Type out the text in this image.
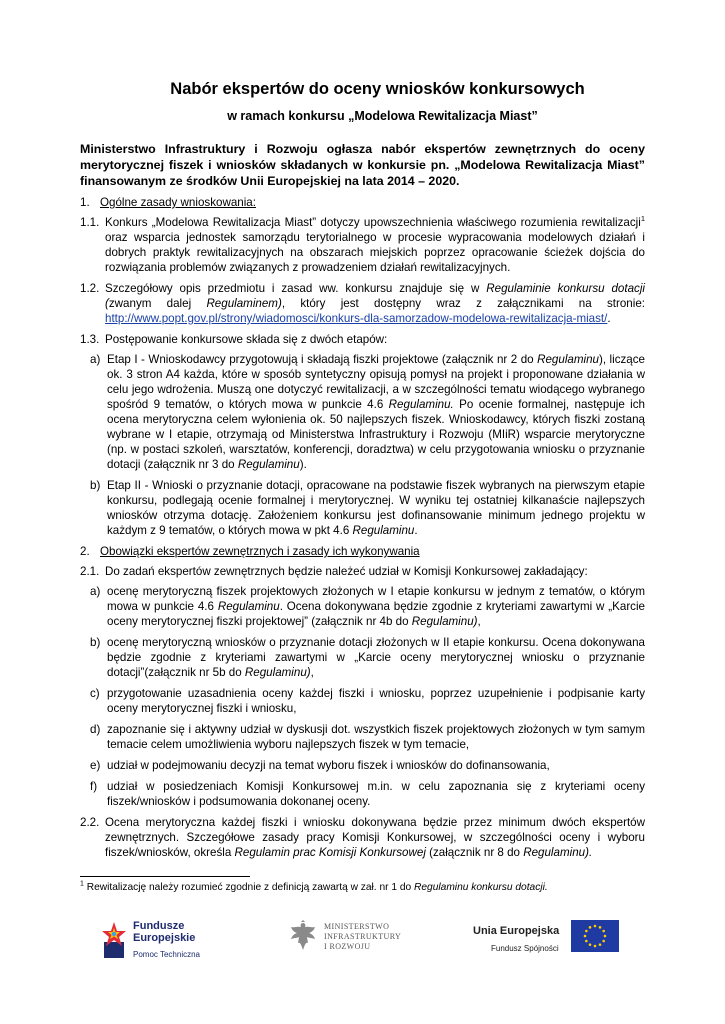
Nabór ekspertów do oceny wniosków konkursowych
w ramach konkursu „Modelowa Rewitalizacja Miast”
Ministerstwo Infrastruktury i Rozwoju ogłasza nabór ekspertów zewnętrznych do oceny merytorycznej fiszek i wniosków składanych w konkursie pn. „Modelowa Rewitalizacja Miast” finansowanym ze środków Unii Europejskiej na lata 2014 – 2020.
1. Ogólne zasady wnioskowania:
1.1. Konkurs „Modelowa Rewitalizacja Miast” dotyczy upowszechnienia właściwego rozumienia rewitalizacji$^1$ oraz wsparcia jednostek samorządu terytorialnego w procesie wypracowania modelowych działań i dobrych praktyk rewitalizacyjnych na obszarach miejskich poprzez opracowanie ścieżek dojścia do rozwiązania problemów związanych z prowadzeniem działań rewitalizacyjnych.
1.2. Szczegółowy opis przedmiotu i zasad ww. konkursu znajduje się w Regulaminie konkursu dotacji (zwanym dalej Regulaminem), który jest dostępny wraz z załącznikami na stronie: http://www.popt.gov.pl/strony/wiadomosci/konkurs-dla-samorzadow-modelowa-rewitalizacja-miast/.
1.3. Postępowanie konkursowe składa się z dwóch etapów:
a) Etap I - Wnioskodawcy przygotowują i składają fiszki projektowe (załącznik nr 2 do Regulaminu), liczące ok. 3 stron A4 każda, które w sposób syntetyczny opisują pomysł na projekt i proponowane działania w celu jego wdrożenia. Muszą one dotyczyć rewitalizacji, a w szczególności tematu wiodącego wybranego spośród 9 tematów, o których mowa w punkcie 4.6 Regulaminu. Po ocenie formalnej, następuje ich ocena merytoryczna celem wyłonienia ok. 50 najlepszych fiszek. Wnioskodawcy, których fiszki zostaną wybrane w I etapie, otrzymają od Ministerstwa Infrastruktury i Rozwoju (MIiR) wsparcie merytoryczne (np. w postaci szkoleń, warsztatów, konferencji, doradztwa) w celu przygotowania wniosku o przyznanie dotacji (załącznik nr 3 do Regulaminu).
b) Etap II - Wnioski o przyznanie dotacji, opracowane na podstawie fiszek wybranych na pierwszym etapie konkursu, podlegają ocenie formalnej i merytorycznej. W wyniku tej ostatniej kilkanaście najlepszych wniosków otrzyma dotację. Założeniem konkursu jest dofinansowanie minimum jednego projektu w każdym z 9 tematów, o których mowa w pkt 4.6 Regulaminu.
2. Obowiązki ekspertów zewnętrznych i zasady ich wykonywania
2.1. Do zadań ekspertów zewnętrznych będzie należeć udział w Komisji Konkursowej zakładający:
a) ocenę merytoryczną fiszek projektowych złożonych w I etapie konkursu w jednym z tematów, o którym mowa w punkcie 4.6 Regulaminu. Ocena dokonywana będzie zgodnie z kryteriami zawartymi w „Karcie oceny merytorycznej fiszki projektowej” (załącznik nr 4b do Regulaminu),
b) ocenę merytoryczną wniosków o przyznanie dotacji złożonych w II etapie konkursu. Ocena dokonywana będzie zgodnie z kryteriami zawartymi w „Karcie oceny merytorycznej wniosku o przyznanie dotacji”(załącznik nr 5b do Regulaminu),
c) przygotowanie uzasadnienia oceny każdej fiszki i wniosku, poprzez uzupełnienie i podpisanie karty oceny merytorycznej fiszki i wniosku,
d) zapoznanie się i aktywny udział w dyskusji dot. wszystkich fiszek projektowych złożonych w tym samym temacie celem umożliwienia wyboru najlepszych fiszek w tym temacie,
e) udział w podejmowaniu decyzji na temat wyboru fiszek i wniosków do dofinansowania,
f) udział w posiedzeniach Komisji Konkursowej m.in. w celu zapoznania się z kryteriami oceny fiszek/wniosków i podsumowania dokonanej oceny.
2.2. Ocena merytoryczna każdej fiszki i wniosku dokonywana będzie przez minimum dwóch ekspertów zewnętrznych. Szczegółowe zasady pracy Komisji Konkursowej, w szczególności oceny i wyboru fiszek/wniosków, określa Regulamin prac Komisji Konkursowej (załącznik nr 8 do Regulaminu).
$^1$ Rewitalizację należy rozumieć zgodnie z definicją zawartą w zał. nr 1 do Regulaminu konkursu dotacji.
Fundusze
Europejskie
Pomoc Techniczna
MINISTERSTWO
INFRASTRUKTURY
I ROZWOJU
Unia Europejska
Fundusz Spójności
